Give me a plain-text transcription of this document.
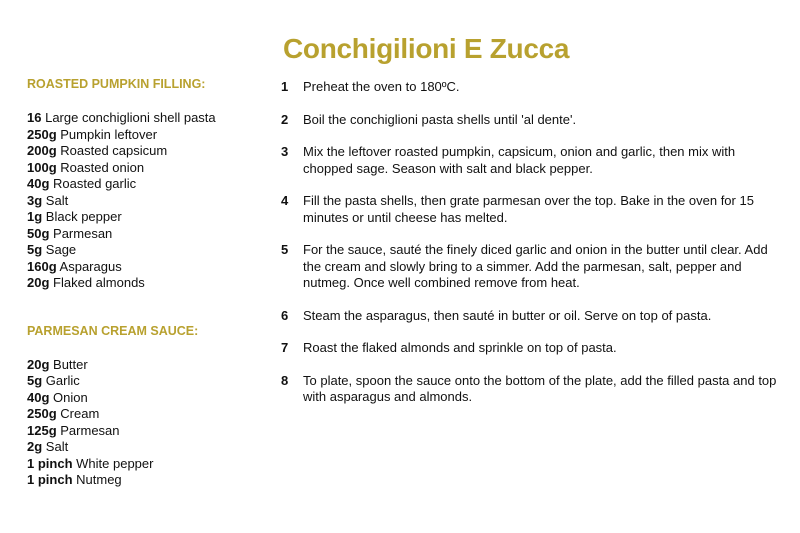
Conchigilioni E Zucca
ROASTED PUMPKIN FILLING:
16 Large conchiglioni shell pasta
250g Pumpkin leftover
200g Roasted capsicum
100g Roasted onion
40g Roasted garlic
3g Salt
1g Black pepper
50g Parmesan
5g Sage
160g Asparagus
20g Flaked almonds
PARMESAN CREAM SAUCE:
20g Butter
5g Garlic
40g Onion
250g Cream
125g Parmesan
2g Salt
1 pinch White pepper
1 pinch Nutmeg
1	Preheat the oven to 180ºC.
2	Boil the conchiglioni pasta shells until 'al dente'.
3	Mix the leftover roasted pumpkin, capsicum, onion and garlic, then mix with chopped sage. Season with salt and black pepper.
4	Fill the pasta shells, then grate parmesan over the top. Bake in the oven for 15 minutes or until cheese has melted.
5	For the sauce, sauté the finely diced garlic and onion in the butter until clear. Add the cream and slowly bring to a simmer. Add the parmesan, salt, pepper and nutmeg. Once well combined remove from heat.
6	Steam the asparagus, then sauté in butter or oil. Serve on top of pasta.
7	Roast the flaked almonds and sprinkle on top of pasta.
8	To plate, spoon the sauce onto the bottom of the plate, add the filled pasta and top with asparagus and almonds.
